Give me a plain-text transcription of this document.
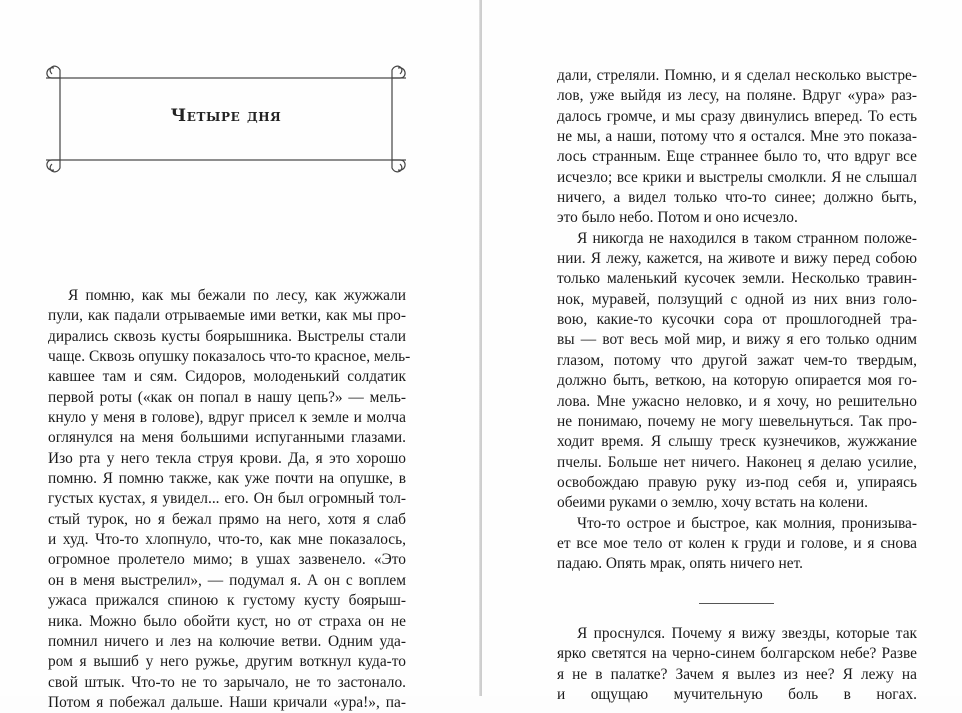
Четыре дня
Я помню, как мы бежали по лесу, как жужжали
пули, как падали отрываемые ими ветки, как мы про-
дирались сквозь кусты боярышника. Выстрелы стали
чаще. Сквозь опушку показалось что-то красное, мель-
кавшее там и сям. Сидоров, молоденький солдатик
первой роты («как он попал в нашу цепь?» — мель-
кнуло у меня в голове), вдруг присел к земле и молча
оглянулся на меня большими испуганными глазами.
Изо рта у него текла струя крови. Да, я это хорошо
помню. Я помню также, как уже почти на опушке, в
густых кустах, я увидел... его. Он был огромный тол-
стый турок, но я бежал прямо на него, хотя я слаб
и худ. Что-то хлопнуло, что-то, как мне показалось,
огромное пролетело мимо; в ушах зазвенело. «Это
он в меня выстрелил», — подумал я. А он с воплем
ужаса прижался спиною к густому кусту боярыш-
ника. Можно было обойти куст, но от страха он не
помнил ничего и лез на колючие ветви. Одним уда-
ром я вышиб у него ружье, другим воткнул куда-то
свой штык. Что-то не то зарычало, не то застонало.
Потом я побежал дальше. Наши кричали «ура!», па-
дали, стреляли. Помню, и я сделал несколько выстре-
лов, уже выйдя из лесу, на поляне. Вдруг «ура» раз-
далось громче, и мы сразу двинулись вперед. То есть
не мы, а наши, потому что я остался. Мне это показа-
лось странным. Еще страннее было то, что вдруг все
исчезло; все крики и выстрелы смолкли. Я не слышал
ничего, а видел только что-то синее; должно быть,
это было небо. Потом и оно исчезло.
Я никогда не находился в таком странном положе-
нии. Я лежу, кажется, на животе и вижу перед собою
только маленький кусочек земли. Несколько травин-
нок, муравей, ползущий с одной из них вниз голо-
вою, какие-то кусочки сора от прошлогодней тра-
вы — вот весь мой мир, и вижу я его только одним
глазом, потому что другой зажат чем-то твердым,
должно быть, веткою, на которую опирается моя го-
лова. Мне ужасно неловко, и я хочу, но решительно
не понимаю, почему не могу шевельнуться. Так про-
ходит время. Я слышу треск кузнечиков, жужжание
пчелы. Больше нет ничего. Наконец я делаю усилие,
освобождаю правую руку из-под себя и, упираясь
обеими руками о землю, хочу встать на колени.
Что-то острое и быстрое, как молния, пронизыва-
ет все мое тело от колен к груди и голове, и я снова
падаю. Опять мрак, опять ничего нет.
Я проснулся. Почему я вижу звезды, которые так
ярко светятся на черно-синем болгарском небе? Разве
я не в палатке? Зачем я вылез из нее? Я лежу на
и ощущаю мучительную боль в ногах.
